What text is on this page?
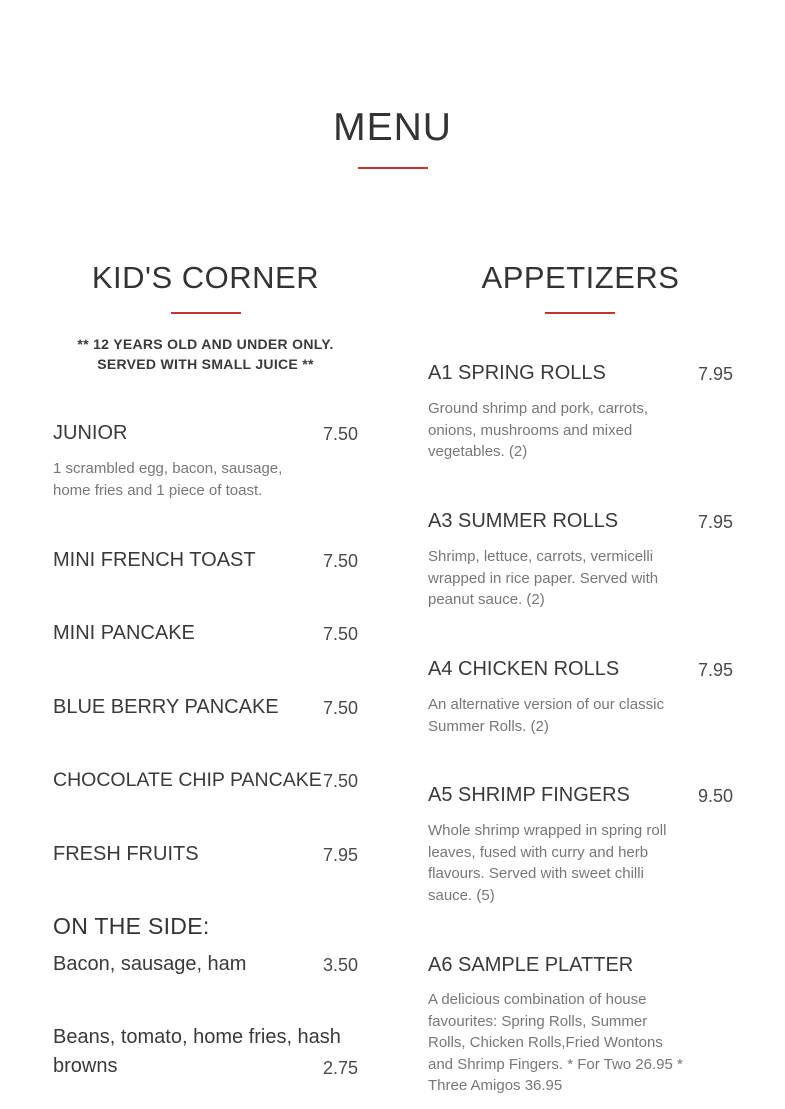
MENU
KID'S CORNER
** 12 YEARS OLD AND UNDER ONLY.
SERVED WITH SMALL JUICE **
JUNIOR	7.50
1 scrambled egg, bacon, sausage, home fries and 1 piece of toast.
MINI FRENCH TOAST	7.50
MINI PANCAKE	7.50
BLUE BERRY PANCAKE 7.50
CHOCOLATE CHIP PANCAKE 7.50
FRESH FRUITS	7.95
ON THE SIDE:
Bacon, sausage, ham	3.50
Beans, tomato, home fries, hash
browns	2.75
APPETIZERS
A1 SPRING ROLLS	7.95
Ground shrimp and pork, carrots, onions, mushrooms and mixed vegetables. (2)
A3 SUMMER ROLLS	7.95
Shrimp, lettuce, carrots, vermicelli wrapped in rice paper. Served with peanut sauce. (2)
A4 CHICKEN ROLLS	7.95
An alternative version of our classic Summer Rolls. (2)
A5 SHRIMP FINGERS	9.50
Whole shrimp wrapped in spring roll leaves, fused with curry and herb flavours. Served with sweet chilli sauce. (5)
A6 SAMPLE PLATTER
A delicious combination of house favourites: Spring Rolls, Summer Rolls, Chicken Rolls,Fried Wontons and Shrimp Fingers. * For Two 26.95 * Three Amigos 36.95
